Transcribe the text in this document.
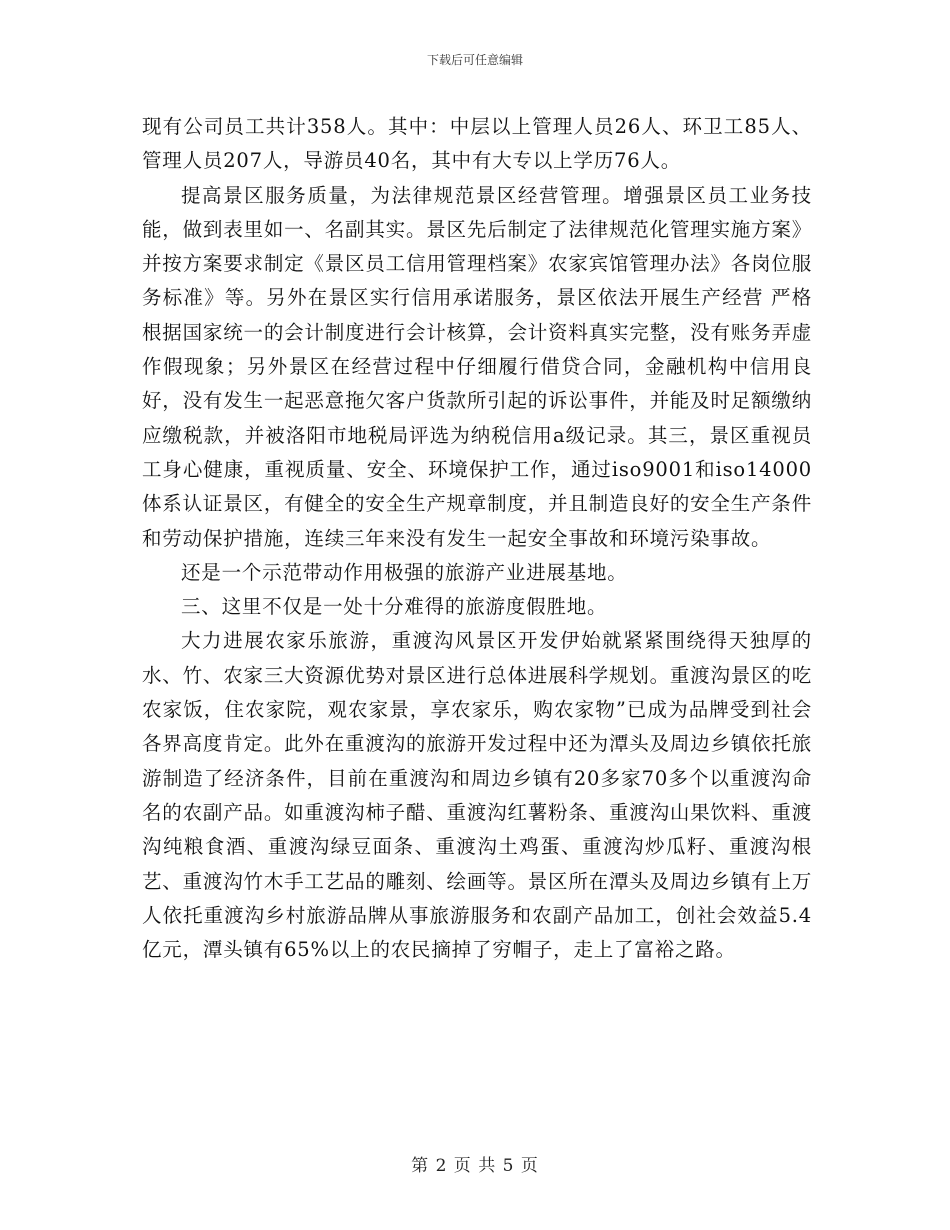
下载后可任意编辑

现有公司员工共计358人。其中：中层以上管理人员26人、环卫工85人、管理人员207人，导游员40名，其中有大专以上学历76人。

提高景区服务质量，为法律规范景区经营管理。增强景区员工业务技能，做到表里如一、名副其实。景区先后制定了法律规范化管理实施方案》并按方案要求制定《景区员工信用管理档案》农家宾馆管理办法》各岗位服务标准》等。另外在景区实行信用承诺服务，景区依法开展生产经营 严格根据国家统一的会计制度进行会计核算，会计资料真实完整，没有账务弄虚作假现象；另外景区在经营过程中仔细履行借贷合同，金融机构中信用良好，没有发生一起恶意拖欠客户货款所引起的诉讼事件，并能及时足额缴纳应缴税款，并被洛阳市地税局评选为纳税信用a级记录。其三，景区重视员工身心健康，重视质量、安全、环境保护工作，通过iso9001和iso14000体系认证景区，有健全的安全生产规章制度，并且制造良好的安全生产条件和劳动保护措施，连续三年来没有发生一起安全事故和环境污染事故。

还是一个示范带动作用极强的旅游产业进展基地。

三、这里不仅是一处十分难得的旅游度假胜地。

大力进展农家乐旅游，重渡沟风景区开发伊始就紧紧围绕得天独厚的水、竹、农家三大资源优势对景区进行总体进展科学规划。重渡沟景区的吃农家饭，住农家院，观农家景，享农家乐，购农家物”已成为品牌受到社会各界高度肯定。此外在重渡沟的旅游开发过程中还为潭头及周边乡镇依托旅游制造了经济条件，目前在重渡沟和周边乡镇有20多家70多个以重渡沟命名的农副产品。如重渡沟柿子醋、重渡沟红薯粉条、重渡沟山果饮料、重渡沟纯粮食酒、重渡沟绿豆面条、重渡沟土鸡蛋、重渡沟炒瓜籽、重渡沟根艺、重渡沟竹木手工艺品的雕刻、绘画等。景区所在潭头及周边乡镇有上万人依托重渡沟乡村旅游品牌从事旅游服务和农副产品加工，创社会效益5.4亿元，潭头镇有65%以上的农民摘掉了穷帽子，走上了富裕之路。

第 2 页 共 5 页
